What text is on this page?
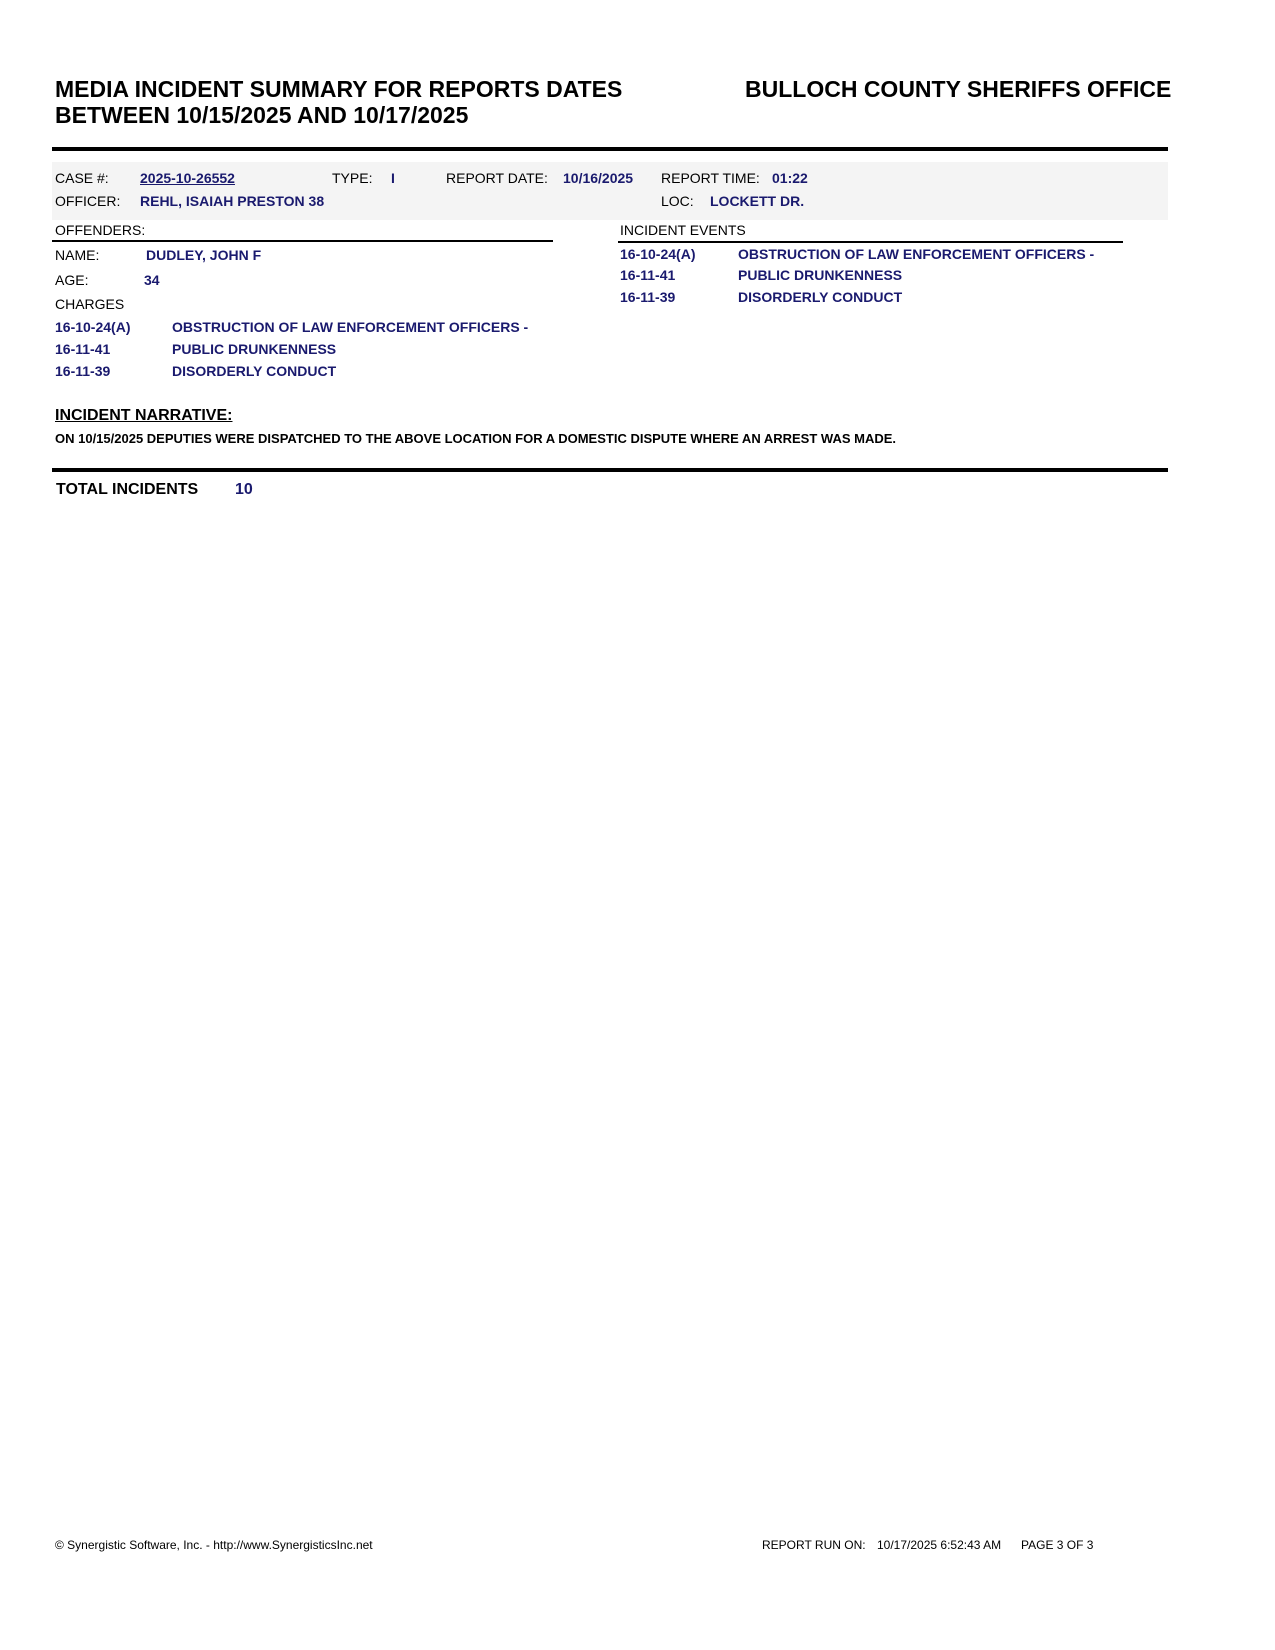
MEDIA INCIDENT SUMMARY FOR REPORTS DATES
BETWEEN 10/15/2025 AND 10/17/2025
BULLOCH COUNTY SHERIFFS OFFICE
CASE #: 2025-10-26552	TYPE: I	REPORT DATE: 10/16/2025 REPORT TIME: 01:22
OFFICER: REHL, ISAIAH PRESTON 38	LOC: LOCKETT DR.
OFFENDERS:
NAME:	DUDLEY, JOHN F
AGE:	34
CHARGES
16-10-24(A)	OBSTRUCTION OF LAW ENFORCEMENT OFFICERS -
16-11-41	PUBLIC DRUNKENNESS
16-11-39	DISORDERLY CONDUCT
INCIDENT EVENTS
16-10-24(A)	OBSTRUCTION OF LAW ENFORCEMENT OFFICERS -
16-11-41	PUBLIC DRUNKENNESS
16-11-39	DISORDERLY CONDUCT
INCIDENT NARRATIVE:
ON 10/15/2025 DEPUTIES WERE DISPATCHED TO THE ABOVE LOCATION FOR A DOMESTIC DISPUTE WHERE AN ARREST WAS MADE.
TOTAL INCIDENTS 10
© Synergistic Software, Inc. - http://www.SynergisticsInc.net	REPORT RUN ON: 10/17/2025 6:52:43 AM PAGE 3 OF 3
